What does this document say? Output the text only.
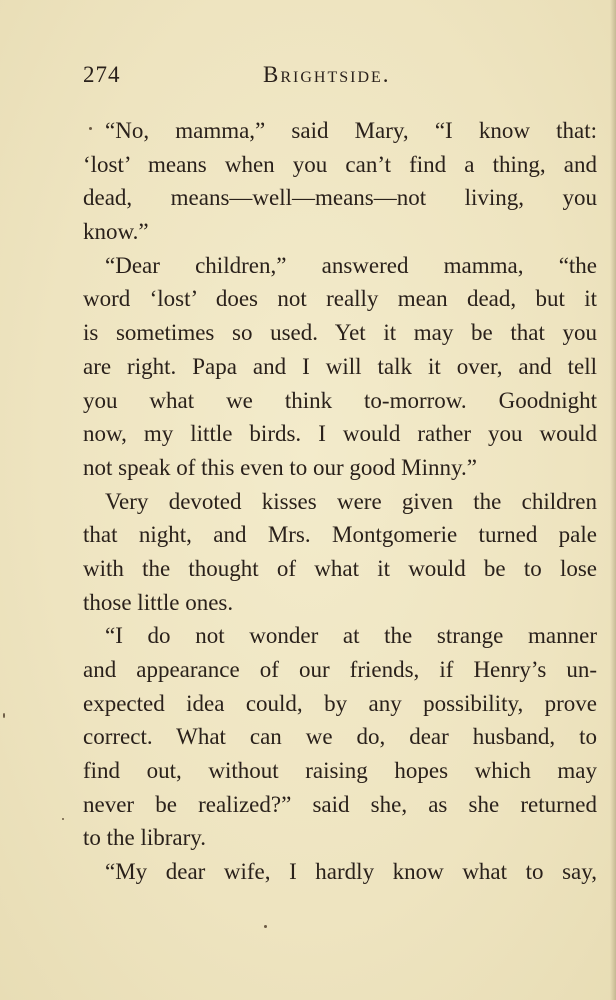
274	Brightside.
“No, mamma,” said Mary, “I know that:
‘lost’ means when you can’t find a thing, and
dead, means—well—means—not living, you
know.”
“Dear children,” answered mamma, “the
word ‘lost’ does not really mean dead, but it
is sometimes so used. Yet it may be that you
are right. Papa and I will talk it over, and tell
you what we think to-morrow. Goodnight
now, my little birds. I would rather you would
not speak of this even to our good Minny.”
Very devoted kisses were given the children
that night, and Mrs. Montgomerie turned pale
with the thought of what it would be to lose
those little ones.
“I do not wonder at the strange manner
and appearance of our friends, if Henry’s un-
expected idea could, by any possibility, prove
correct. What can we do, dear husband, to
find out, without raising hopes which may
never be realized?” said she, as she returned
to the library.
“My dear wife, I hardly know what to say,
